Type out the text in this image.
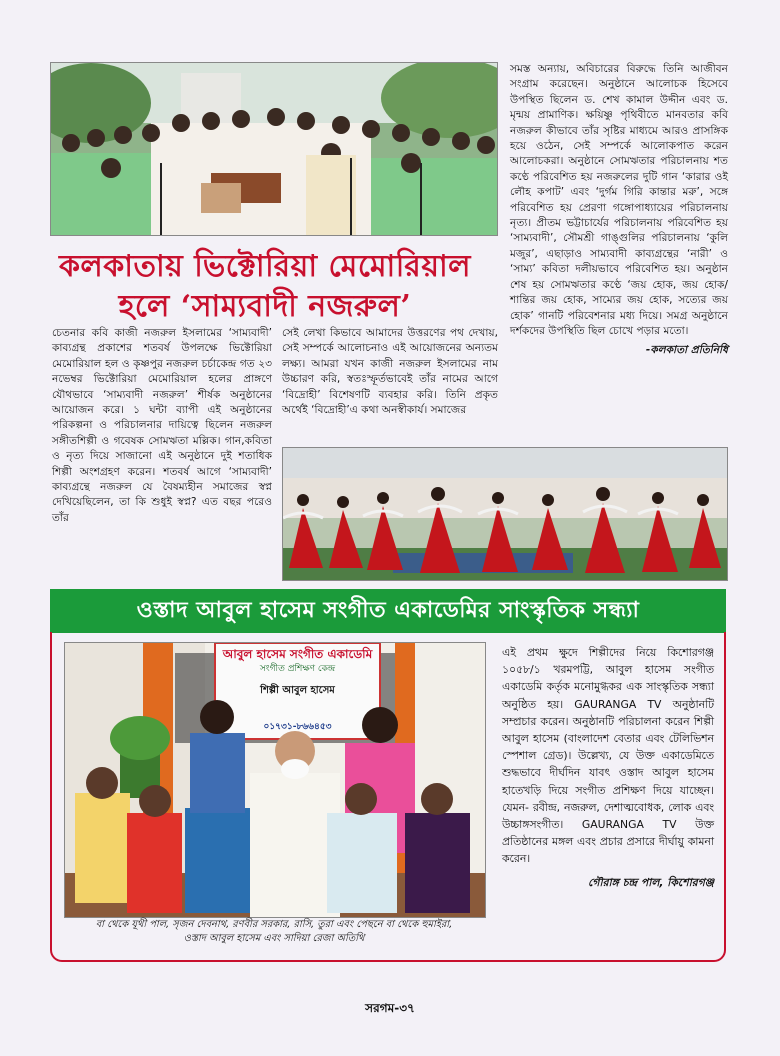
সমস্ত অন্যায়, অবিচারের বিরুদ্ধে তিনি আজীবন সংগ্রাম করেছেন। অনুষ্ঠানে আলোচক হিসেবে উপস্থিত ছিলেন ড. শেখ কামাল উদ্দীন এবং ড. মৃন্ময় প্রামাণিক। ক্ষয়িষ্ণু পৃথিবীতে মানবতার কবি নজরুল কীভাবে তাঁর সৃষ্টির মাধ্যমে আরও প্রাসঙ্গিক হয়ে ওঠেন, সেই সম্পর্কে আলোকপাত করেন আলোচকরা। অনুষ্ঠানে সোমঋতার পরিচালনায় শত কণ্ঠে পরিবেশিত হয় নজরুলের দুটি গান ‘কারার ওই লৌহ কপাট’ এবং ‘দুর্গম গিরি কান্তার মরু’, সঙ্গে পরিবেশিত হয় প্রেরণা গঙ্গোপাধ্যায়ের পরিচালনায় নৃত্য। প্রীতম ভট্টাচার্যের পরিচালনায় পরিবেশিত হয় ‘সাম্যবাদী’, সৌমশ্রী গাঙ্গুলির পরিচালনায় ‘কুলি মজুর’, এছাড়াও সাম্যবাদী কাব্যগ্রন্থের ‘নারী’ ও ‘সাম্য’ কবিতা দলীয়ভাবে পরিবেশিত হয়। অনুষ্ঠান শেষ হয় সোমঋতার কণ্ঠে ‘জয় হোক, জয় হোক/শান্তির জয় হোক, সাম্যের জয় হোক, সত্যের জয় হোক’ গানটি পরিবেশনার মধ্য দিয়ে। সমগ্র অনুষ্ঠানে দর্শকদের উপস্থিতি ছিল চোখে পড়ার মতো।

-কলকাতা প্রতিনিধি

কলকাতায় ভিক্টোরিয়া মেমোরিয়াল
হলে ‘সাম্যবাদী নজরুল’

চেতনার কবি কাজী নজরুল ইসলামের ‘সাম্যবাদী’ কাব্যগ্রন্থ প্রকাশের শতবর্ষ উপলক্ষে ভিক্টোরিয়া মেমোরিয়াল হল ও কৃষ্ণপুর নজরুল চর্চাকেন্দ্র গত ২৩ নভেম্বর ভিক্টোরিয়া মেমোরিয়াল হলের প্রাঙ্গণে যৌথভাবে ‘সাম্যবাদী নজরুল’ শীর্ষক অনুষ্ঠানের আয়োজন করে। ১ ঘন্টা ব্যাপী এই অনুষ্ঠানের পরিকল্পনা ও পরিচালনার দায়িত্বে ছিলেন নজরুল সঙ্গীতশিল্পী ও গবেষক সোমঋতা মল্লিক। গান,কবিতা ও নৃত্য দিয়ে সাজানো এই অনুষ্ঠানে দুই শতাধিক শিল্পী অংশগ্রহণ করেন। শতবর্ষ আগে ‘সাম্যবাদী’ কাব্যগ্রন্থে নজরুল যে বৈষম্যহীন সমাজের স্বপ্ন দেখিয়েছিলেন, তা কি শুধুই স্বপ্ন? এত বছর পরেও তাঁর

সেই লেখা কিভাবে আমাদের উত্তরণের পথ দেখায়, সেই সম্পর্কে আলোচনাও এই আয়োজনের অন্যতম লক্ষ্য। আমরা যখন কাজী নজরুল ইসলামের নাম উচ্চারণ করি, স্বতঃস্ফূর্তভাবেই তাঁর নামের আগে ‘বিদ্রোহী’ বিশেষণটি ব্যবহার করি। তিনি প্রকৃত অর্থেই ‘বিদ্রোহী’এ কথা অনস্বীকার্য। সমাজের

ওস্তাদ আবুল হাসেম সংগীত একাডেমির সাংস্কৃতিক সন্ধ্যা
আবুল হাসেম সংগীত একাডেমি
সংগীত প্রশিক্ষণ কেন্দ্র
শিল্পী আবুল হাসেম
০১৭৩১-৮৬৬৪৫৩
বা থেকে যূথী পাল, সৃজন দেবনাথ, রণবীর সরকার, রাসি, তুরা এবং পেছনে বা থেকে হুমাইরা,
ওস্তাদ আবুল হাসেম এবং সাদিয়া রেজা অতিথি

এই প্রথম ক্ষুদে শিল্পীদের নিয়ে কিশোরগঞ্জ ১০৫৮/১ খরমপট্টি, আবুল হাসেম সংগীত একাডেমি কর্তৃক মনোমুগ্ধকর এক সাংস্কৃতিক সন্ধ্যা অনুষ্ঠিত হয়। GAURANGA TV অনুষ্ঠানটি সম্প্রচার করেন। অনুষ্ঠানটি পরিচালনা করেন শিল্পী আবুল হাসেম (বাংলাদেশ বেতার এবং টেলিভিশন স্পেশাল গ্রেড)। উল্লেখ্য, যে উক্ত একাডেমিতে শুদ্ধভাবে দীর্ঘদিন যাবৎ ওস্তাদ আবুল হাসেম হাতেখড়ি দিয়ে সংগীত প্রশিক্ষণ দিয়ে যাচ্ছেন। যেমন- রবীন্দ্র, নজরুল, দেশাত্মবোধক, লোক এবং উচ্চাঙ্গসংগীত। GAURANGA TV উক্ত প্রতিষ্ঠানের মঙ্গল এবং প্রচার প্রসারে দীর্ঘায়ু কামনা করেন।

গৌরাঙ্গ চন্দ্র পাল, কিশোরগঞ্জ

সরগম-৩৭
